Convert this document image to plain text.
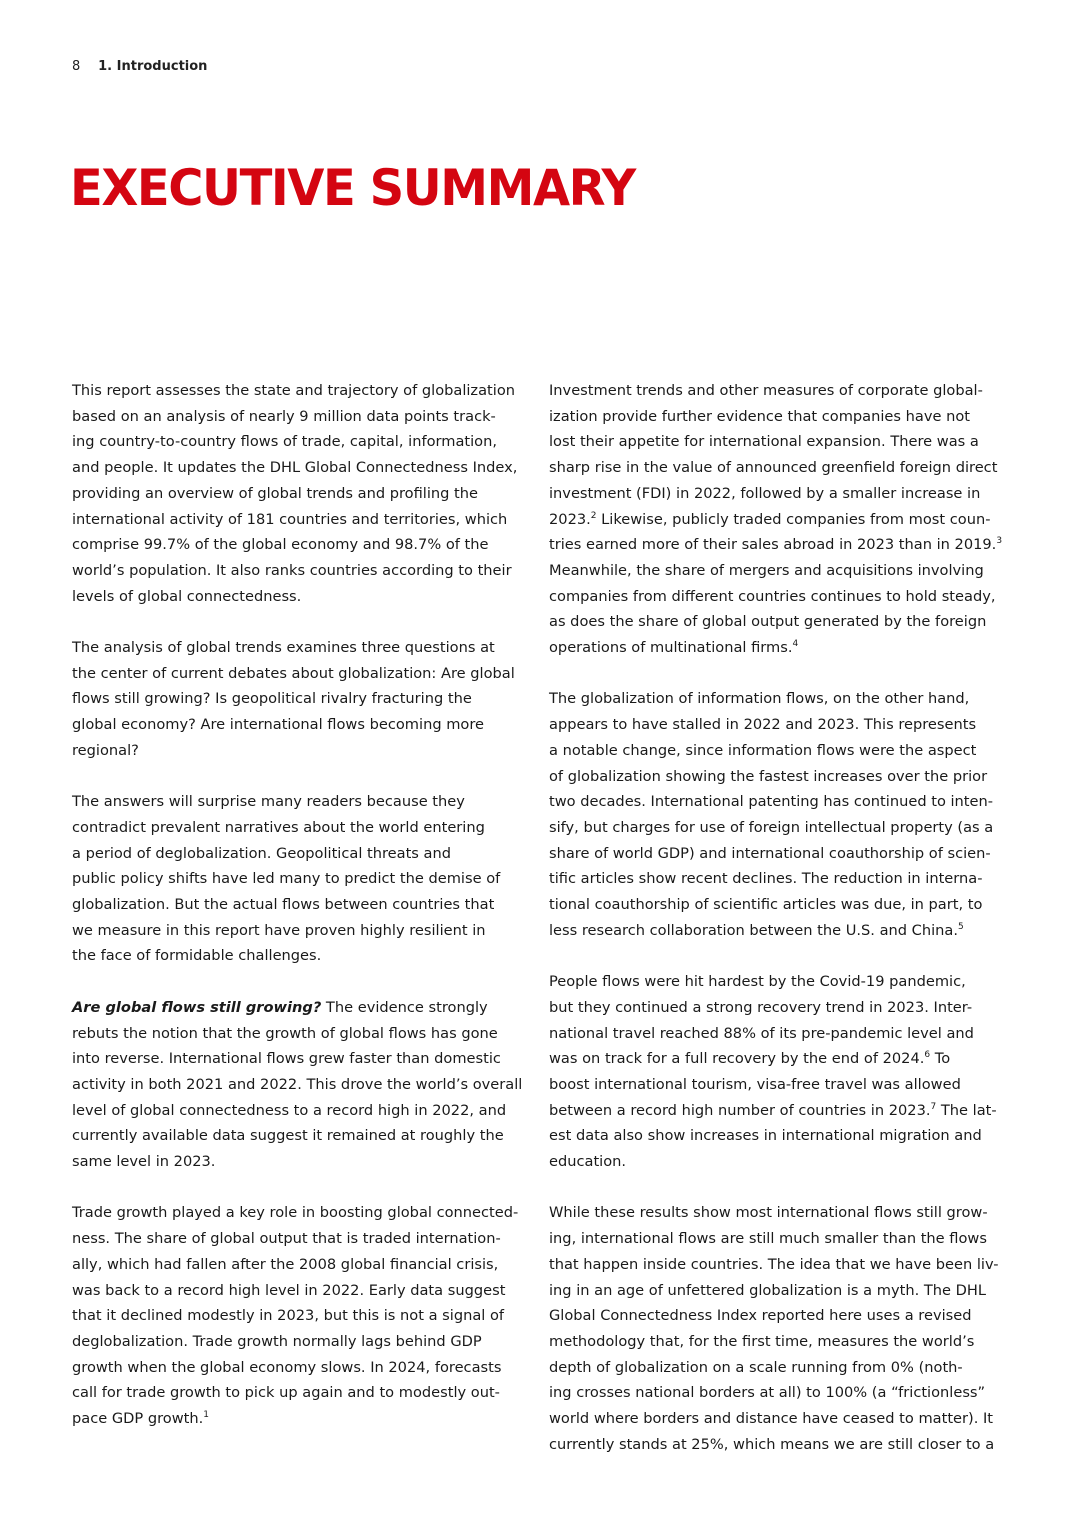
8 1. Introduction
EXECUTIVE SUMMARY

This report assesses the state and trajectory of globalization
based on an analysis of nearly 9 million data points track-
ing country-to-country flows of trade, capital, information,
and people. It updates the DHL Global Connectedness Index,
providing an overview of global trends and profiling the
international activity of 181 countries and territories, which
comprise 99.7% of the global economy and 98.7% of the
world’s population. It also ranks countries according to their
levels of global connectedness.

The analysis of global trends examines three questions at
the center of current debates about globalization: Are global
flows still growing? Is geopolitical rivalry fracturing the
global economy? Are international flows becoming more
regional?

The answers will surprise many readers because they
contradict prevalent narratives about the world entering
a period of deglobalization. Geopolitical threats and
public policy shifts have led many to predict the demise of
globalization. But the actual flows between countries that
we measure in this report have proven highly resilient in
the face of formidable challenges.

Are global flows still growing? The evidence strongly
rebuts the notion that the growth of global flows has gone
into reverse. International flows grew faster than domestic
activity in both 2021 and 2022. This drove the world’s overall
level of global connectedness to a record high in 2022, and
currently available data suggest it remained at roughly the
same level in 2023.

Trade growth played a key role in boosting global connected-
ness. The share of global output that is traded internation-
ally, which had fallen after the 2008 global financial crisis,
was back to a record high level in 2022. Early data suggest
that it declined modestly in 2023, but this is not a signal of
deglobalization. Trade growth normally lags behind GDP
growth when the global economy slows. In 2024, forecasts
call for trade growth to pick up again and to modestly out-
pace GDP growth.$^1$

Investment trends and other measures of corporate global-
ization provide further evidence that companies have not
lost their appetite for international expansion. There was a
sharp rise in the value of announced greenfield foreign direct
investment (FDI) in 2022, followed by a smaller increase in
2023.$^2$ Likewise, publicly traded companies from most coun-
tries earned more of their sales abroad in 2023 than in 2019.$^3$
Meanwhile, the share of mergers and acquisitions involving
companies from different countries continues to hold steady,
as does the share of global output generated by the foreign
operations of multinational firms.$^4$

The globalization of information flows, on the other hand,
appears to have stalled in 2022 and 2023. This represents
a notable change, since information flows were the aspect
of globalization showing the fastest increases over the prior
two decades. International patenting has continued to inten-
sify, but charges for use of foreign intellectual property (as a
share of world GDP) and international coauthorship of scien-
tific articles show recent declines. The reduction in interna-
tional coauthorship of scientific articles was due, in part, to
less research collaboration between the U.S. and China.$^5$

People flows were hit hardest by the Covid-19 pandemic,
but they continued a strong recovery trend in 2023. Inter-
national travel reached 88% of its pre-pandemic level and
was on track for a full recovery by the end of 2024.$^6$ To
boost international tourism, visa-free travel was allowed
between a record high number of countries in 2023.$^7$ The lat-
est data also show increases in international migration and
education.

While these results show most international flows still grow-
ing, international flows are still much smaller than the flows
that happen inside countries. The idea that we have been liv-
ing in an age of unfettered globalization is a myth. The DHL
Global Connectedness Index reported here uses a revised
methodology that, for the first time, measures the world’s
depth of globalization on a scale running from 0% (noth-
ing crosses national borders at all) to 100% (a “frictionless”
world where borders and distance have ceased to matter). It
currently stands at 25%, which means we are still closer to a
